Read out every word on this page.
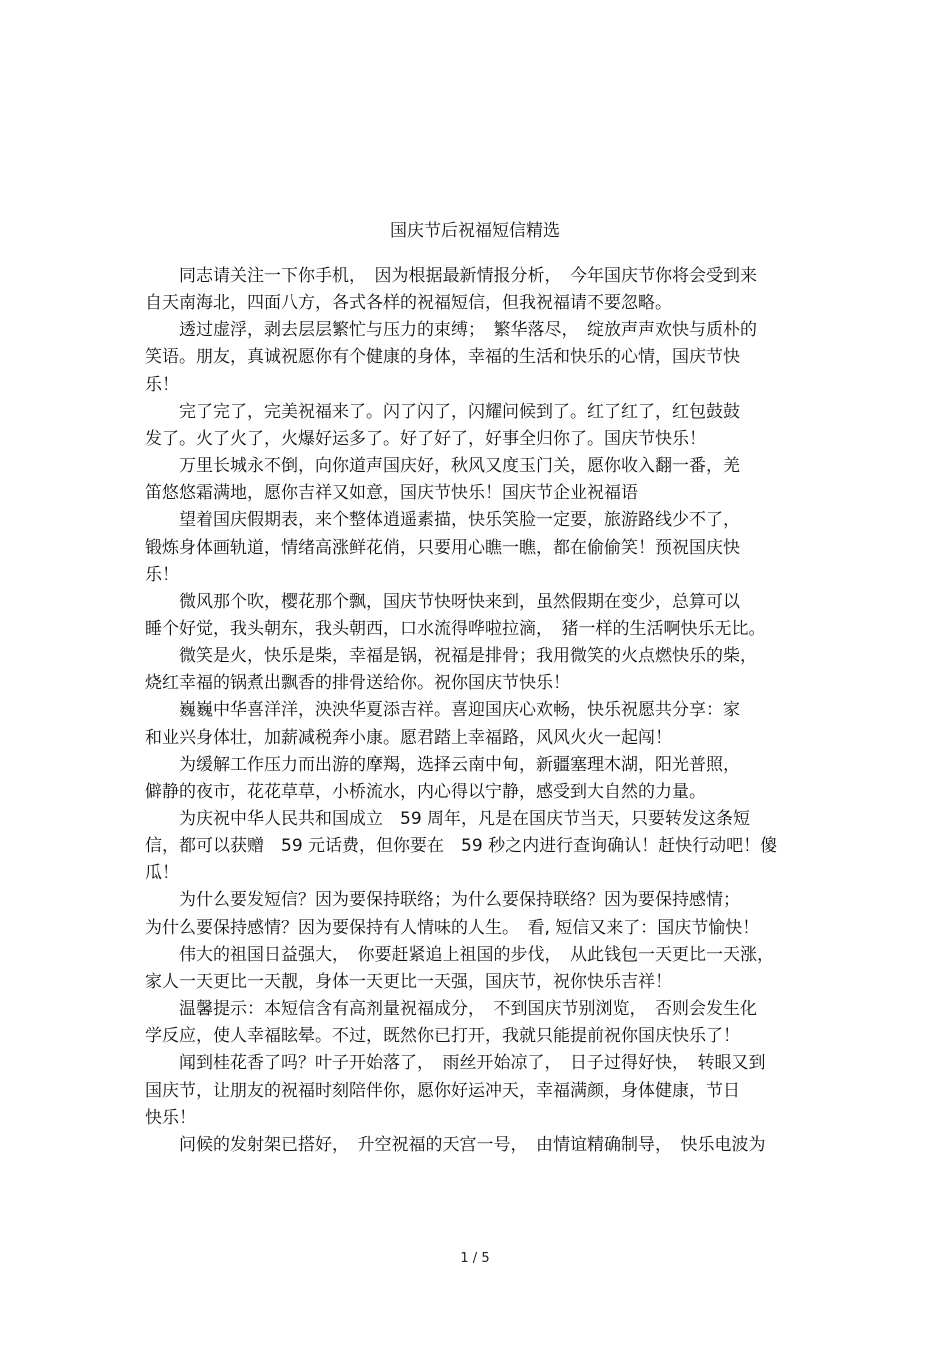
国庆节后祝福短信精选
　　同志请关注一下你手机，　因为根据最新情报分析，　今年国庆节你将会受到来
自天南海北，四面八方，各式各样的祝福短信，但我祝福请不要忽略。
　　透过虚浮，剥去层层繁忙与压力的束缚；　繁华落尽，　绽放声声欢快与质朴的
笑语。朋友，真诚祝愿你有个健康的身体，幸福的生活和快乐的心情，国庆节快
乐！
　　完了完了，完美祝福来了。闪了闪了，闪耀问候到了。红了红了，红包鼓鼓
发了。火了火了，火爆好运多了。好了好了，好事全归你了。国庆节快乐！
　　万里长城永不倒，向你道声国庆好，秋风又度玉门关，愿你收入翻一番，羌
笛悠悠霜满地，愿你吉祥又如意，国庆节快乐！国庆节企业祝福语
　　望着国庆假期表，来个整体逍遥素描，快乐笑脸一定要，旅游路线少不了，
锻炼身体画轨道，情绪高涨鲜花俏，只要用心瞧一瞧，都在偷偷笑！预祝国庆快
乐！
　　微风那个吹，樱花那个飘，国庆节快呀快来到，虽然假期在变少，总算可以
睡个好觉，我头朝东，我头朝西，口水流得哗啦拉滴，　猪一样的生活啊快乐无比。
　　微笑是火，快乐是柴，幸福是锅，祝福是排骨；我用微笑的火点燃快乐的柴，
烧红幸福的锅煮出飘香的排骨送给你。祝你国庆节快乐！
　　巍巍中华喜洋洋，泱泱华夏添吉祥。喜迎国庆心欢畅，快乐祝愿共分享：家
和业兴身体壮，加薪减税奔小康。愿君踏上幸福路，风风火火一起闯！
　　为缓解工作压力而出游的摩羯，选择云南中甸，新疆塞理木湖，阳光普照，
僻静的夜市，花花草草，小桥流水，内心得以宁静，感受到大自然的力量。
　　为庆祝中华人民共和国成立　59 周年，凡是在国庆节当天，只要转发这条短
信，都可以获赠　59 元话费，但你要在　59 秒之内进行查询确认！赶快行动吧！傻
瓜！
　　为什么要发短信？因为要保持联络；为什么要保持联络？因为要保持感情；
为什么要保持感情？因为要保持有人情味的人生。　看, 短信又来了：国庆节愉快！
　　伟大的祖国日益强大，　你要赶紧追上祖国的步伐，　从此钱包一天更比一天涨，
家人一天更比一天靓，身体一天更比一天强，国庆节，祝你快乐吉祥！
　　温馨提示：本短信含有高剂量祝福成分，　不到国庆节别浏览，　否则会发生化
学反应，使人幸福眩晕。不过，既然你已打开，我就只能提前祝你国庆快乐了！
　　闻到桂花香了吗？叶子开始落了，　雨丝开始凉了，　日子过得好快，　转眼又到
国庆节，让朋友的祝福时刻陪伴你，愿你好运冲天，幸福满颜，身体健康，节日
快乐！
　　问候的发射架已搭好，　升空祝福的天宫一号，　由情谊精确制导，　快乐电波为
1 / 5
